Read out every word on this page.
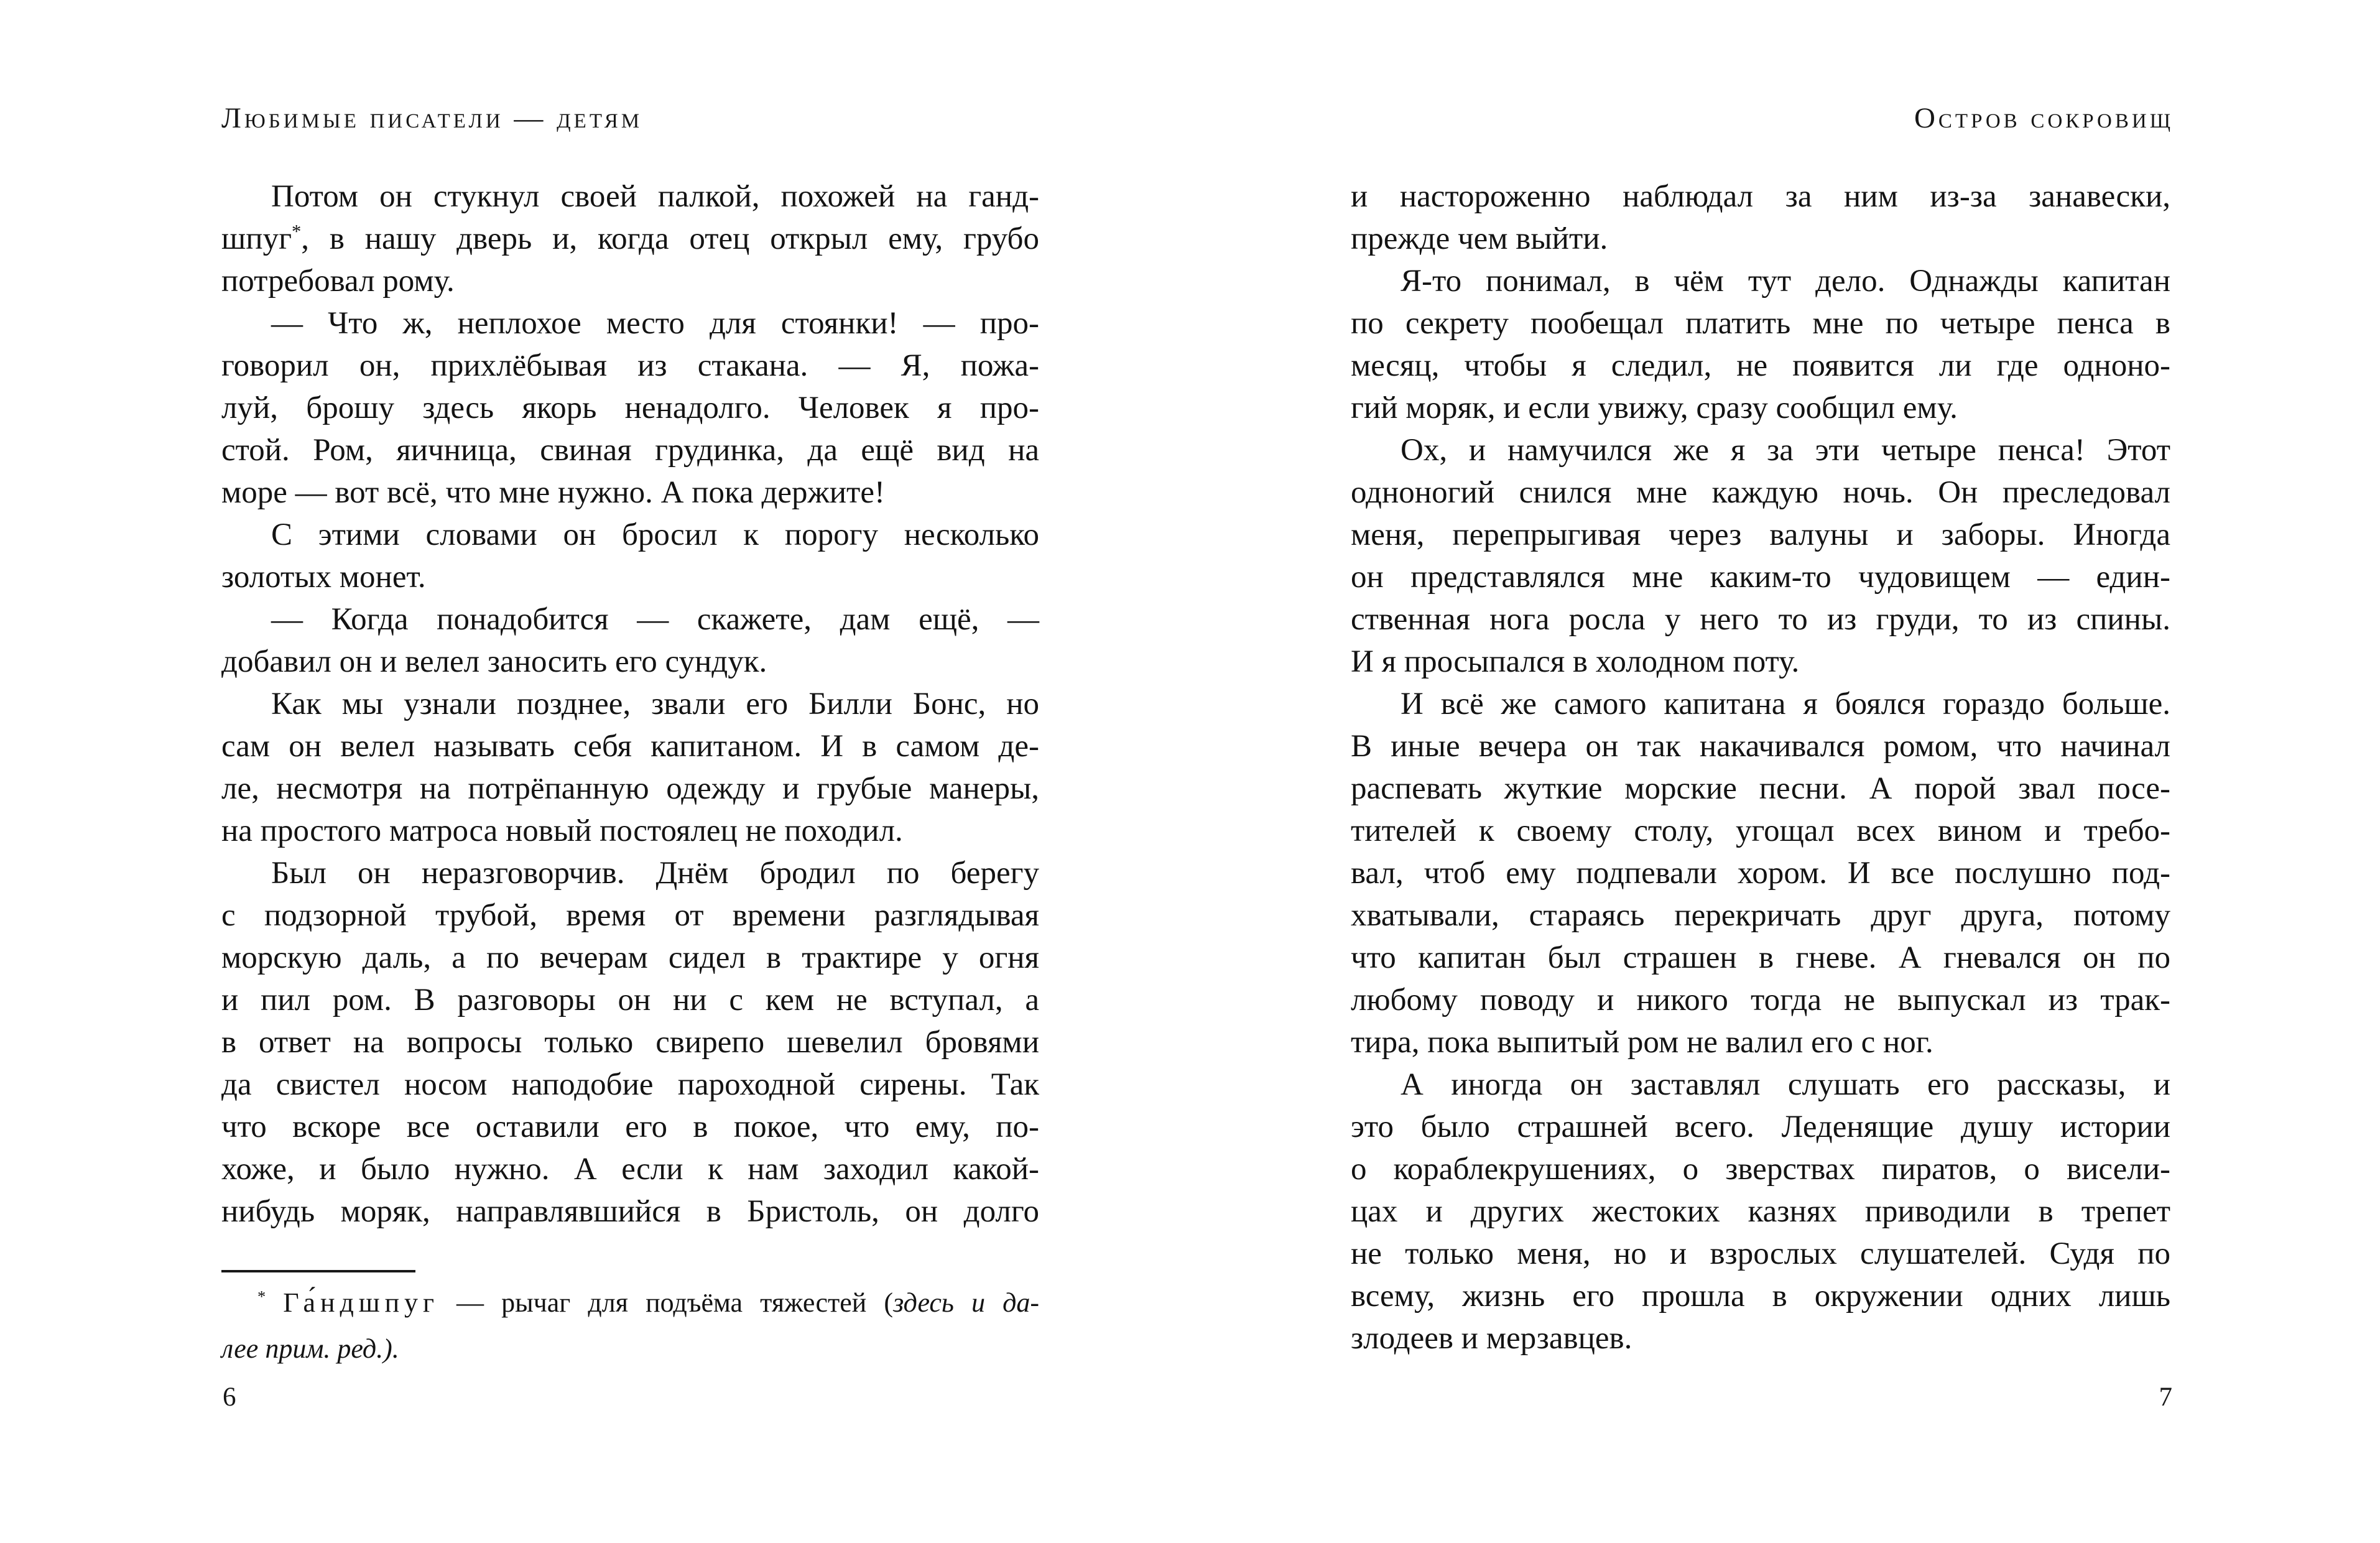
Любимые писатели — детям	Остров сокровищ
Потом он стукнул своей палкой, похожей на ганд-
шпуг*, в нашу дверь и, когда отец открыл ему, грубо
потребовал рому.
— Что ж, неплохое место для стоянки! — про-
говорил он, прихлёбывая из стакана. — Я, пожа-
луй, брошу здесь якорь ненадолго. Человек я про-
стой. Ром, яичница, свиная грудинка, да ещё вид на
море — вот всё, что мне нужно. А пока держите!
С этими словами он бросил к порогу несколько
золотых монет.
— Когда понадобится — скажете, дам ещё, —
добавил он и велел заносить его сундук.
Как мы узнали позднее, звали его Билли Бонс, но
сам он велел называть себя капитаном. И в самом де-
ле, несмотря на потрёпанную одежду и грубые манеры,
на простого матроса новый постоялец не походил.
Был он неразговорчив. Днём бродил по берегу
с подзорной трубой, время от времени разглядывая
морскую даль, а по вечерам сидел в трактире у огня
и пил ром. В разговоры он ни с кем не вступал, а
в ответ на вопросы только свирепо шевелил бровями
да свистел носом наподобие пароходной сирены. Так
что вскоре все оставили его в покое, что ему, по-
хоже, и было нужно. А если к нам заходил какой-
нибудь моряк, направлявшийся в Бристоль, он долго
* Га́ндшпуг — рычаг для подъёма тяжестей (здесь и да-
лее прим. ред.).
и настороженно наблюдал за ним из-за занавески,
прежде чем выйти.
Я-то понимал, в чём тут дело. Однажды капитан
по секрету пообещал платить мне по четыре пенса в
месяц, чтобы я следил, не появится ли где одноно-
гий моряк, и если увижу, сразу сообщил ему.
Ох, и намучился же я за эти четыре пенса! Этот
одноногий снился мне каждую ночь. Он преследовал
меня, перепрыгивая через валуны и заборы. Иногда
он представлялся мне каким-то чудовищем — един-
ственная нога росла у него то из груди, то из спины.
И я просыпался в холодном поту.
И всё же самого капитана я боялся гораздо больше.
В иные вечера он так накачивался ромом, что начинал
распевать жуткие морские песни. А порой звал посе-
тителей к своему столу, угощал всех вином и требо-
вал, чтоб ему подпевали хором. И все послушно под-
хватывали, стараясь перекричать друг друга, потому
что капитан был страшен в гневе. А гневался он по
любому поводу и никого тогда не выпускал из трак-
тира, пока выпитый ром не валил его с ног.
А иногда он заставлял слушать его рассказы, и
это было страшней всего. Леденящие душу истории
о кораблекрушениях, о зверствах пиратов, о висели-
цах и других жестоких казнях приводили в трепет
не только меня, но и взрослых слушателей. Судя по
всему, жизнь его прошла в окружении одних лишь
злодеев и мерзавцев.
6	7
